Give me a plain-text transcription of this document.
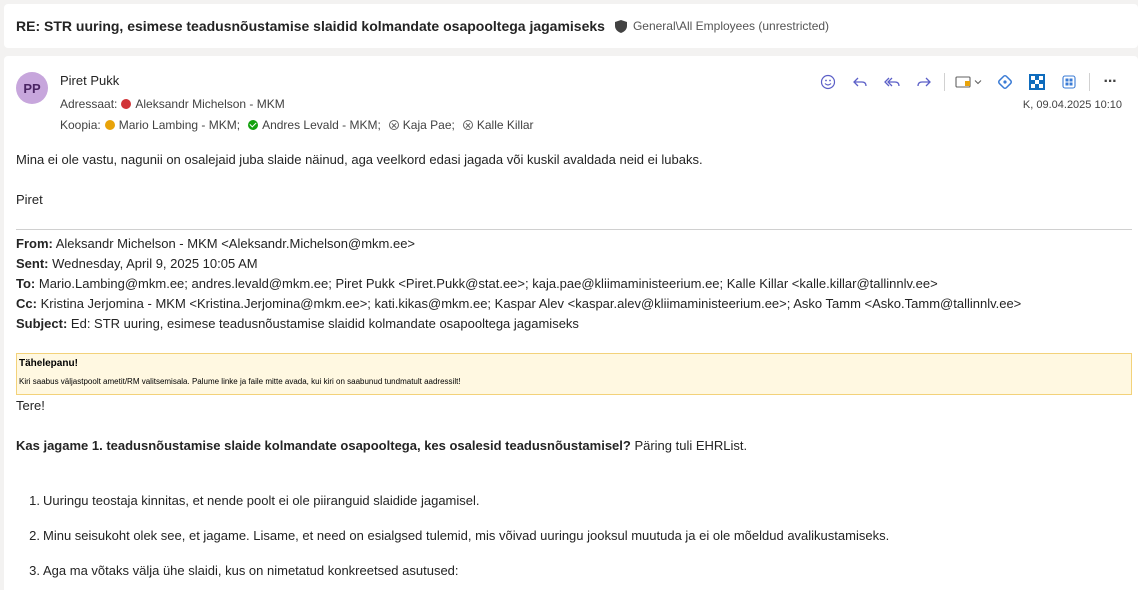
RE: STR uuring, esimese teadusnõustamise slaidid kolmandate osapooltega jagamiseks General\All Employees (unrestricted)
PP	Piret Pukk
Adressaat: Aleksandr Michelson - MKM
Koopia: Mario Lambing - MKM; Andres Levald - MKM; Kaja Pae; Kalle Killar
···
K, 09.04.2025 10:10
Mina ei ole vastu, nagunii on osalejaid juba slaide näinud, aga veelkord edasi jagada või kuskil avaldada neid ei lubaks.
Piret
From: Aleksandr Michelson - MKM <Aleksandr.Michelson@mkm.ee>
Sent: Wednesday, April 9, 2025 10:05 AM
To: Mario.Lambing@mkm.ee; andres.levald@mkm.ee; Piret Pukk <Piret.Pukk@stat.ee>; kaja.pae@kliimaministeerium.ee; Kalle Killar <kalle.killar@tallinnlv.ee>
Cc: Kristina Jerjomina - MKM <Kristina.Jerjomina@mkm.ee>; kati.kikas@mkm.ee; Kaspar Alev <kaspar.alev@kliimaministeerium.ee>; Asko Tamm <Asko.Tamm@tallinnlv.ee>
Subject: Ed: STR uuring, esimese teadusnõustamise slaidid kolmandate osapooltega jagamiseks
Tähelepanu!
Kiri saabus väljastpoolt ametit/RM valitsemisala. Palume linke ja faile mitte avada, kui kiri on saabunud tundmatult aadressilt!
Tere!
Kas jagame 1. teadusnõustamise slaide kolmandate osapooltega, kes osalesid teadusnõustamisel? Päring tuli EHRList.
1. Uuringu teostaja kinnitas, et nende poolt ei ole piiranguid slaidide jagamisel.
2. Minu seisukoht olek see, et jagame. Lisame, et need on esialgsed tulemid, mis võivad uuringu jooksul muutuda ja ei ole mõeldud avalikustamiseks.
3. Aga ma võtaks välja ühe slaidi, kus on nimetatud konkreetsed asutused:
